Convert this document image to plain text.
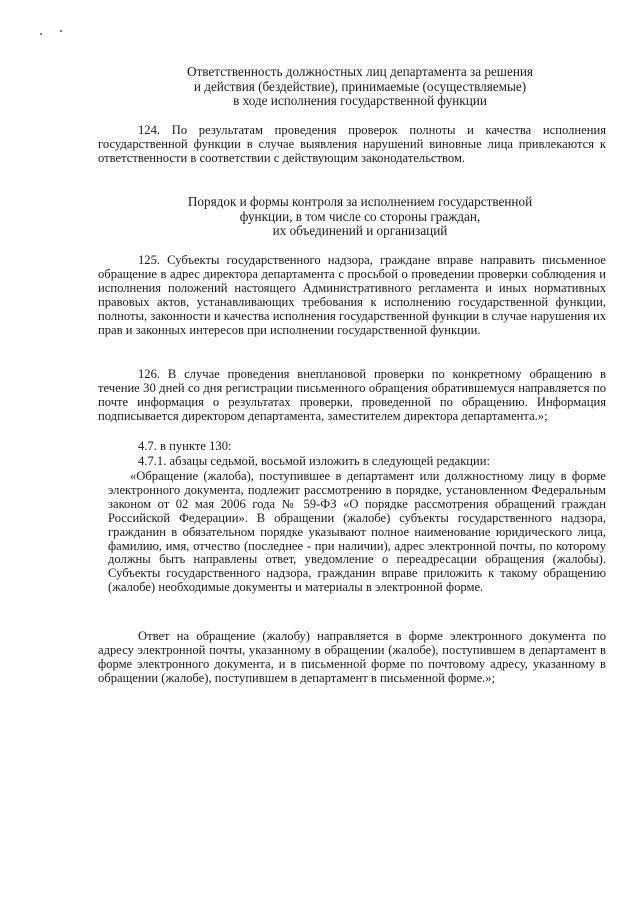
Ответственность должностных лиц департамента за решения
и действия (бездействие), принимаемые (осуществляемые)
в ходе исполнения государственной функции
124. По результатам проведения проверок полноты и качества исполнения государственной функции в случае выявления нарушений виновные лица привлекаются к ответственности в соответствии с действующим законодательством.
Порядок и формы контроля за исполнением государственной
функции, в том числе со стороны граждан,
их объединений и организаций
125. Субъекты государственного надзора, граждане вправе направить письменное обращение в адрес директора департамента с просьбой о проведении проверки соблюдения и исполнения положений настоящего Административного регламента и иных нормативных правовых актов, устанавливающих требования к исполнению государственной функции, полноты, законности и качества исполнения государственной функции в случае нарушения их прав и законных интересов при исполнении государственной функции.
126. В случае проведения внеплановой проверки по конкретному обращению в течение 30 дней со дня регистрации письменного обращения обратившемуся направляется по почте информация о результатах проверки, проведенной по обращению. Информация подписывается директором департамента, заместителем директора департамента.»;
4.7. в пункте 130:
4.7.1. абзацы седьмой, восьмой изложить в следующей редакции:
«Обращение (жалоба), поступившее в департамент или должностному лицу в форме электронного документа, подлежит рассмотрению в порядке, установленном Федеральным законом от 02 мая 2006 года № 59-ФЗ «О порядке рассмотрения обращений граждан Российской Федерации». В обращении (жалобе) субъекты государственного надзора, гражданин в обязательном порядке указывают полное наименование юридического лица, фамилию, имя, отчество (последнее - при наличии), адрес электронной почты, по которому должны быть направлены ответ, уведомление о переадресации обращения (жалобы). Субъекты государственного надзора, гражданин вправе приложить к такому обращению (жалобе) необходимые документы и материалы в электронной форме.
Ответ на обращение (жалобу) направляется в форме электронного документа по адресу электронной почты, указанному в обращении (жалобе), поступившем в департамент в форме электронного документа, и в письменной форме по почтовому адресу, указанному в обращении (жалобе), поступившем в департамент в письменной форме.»;
